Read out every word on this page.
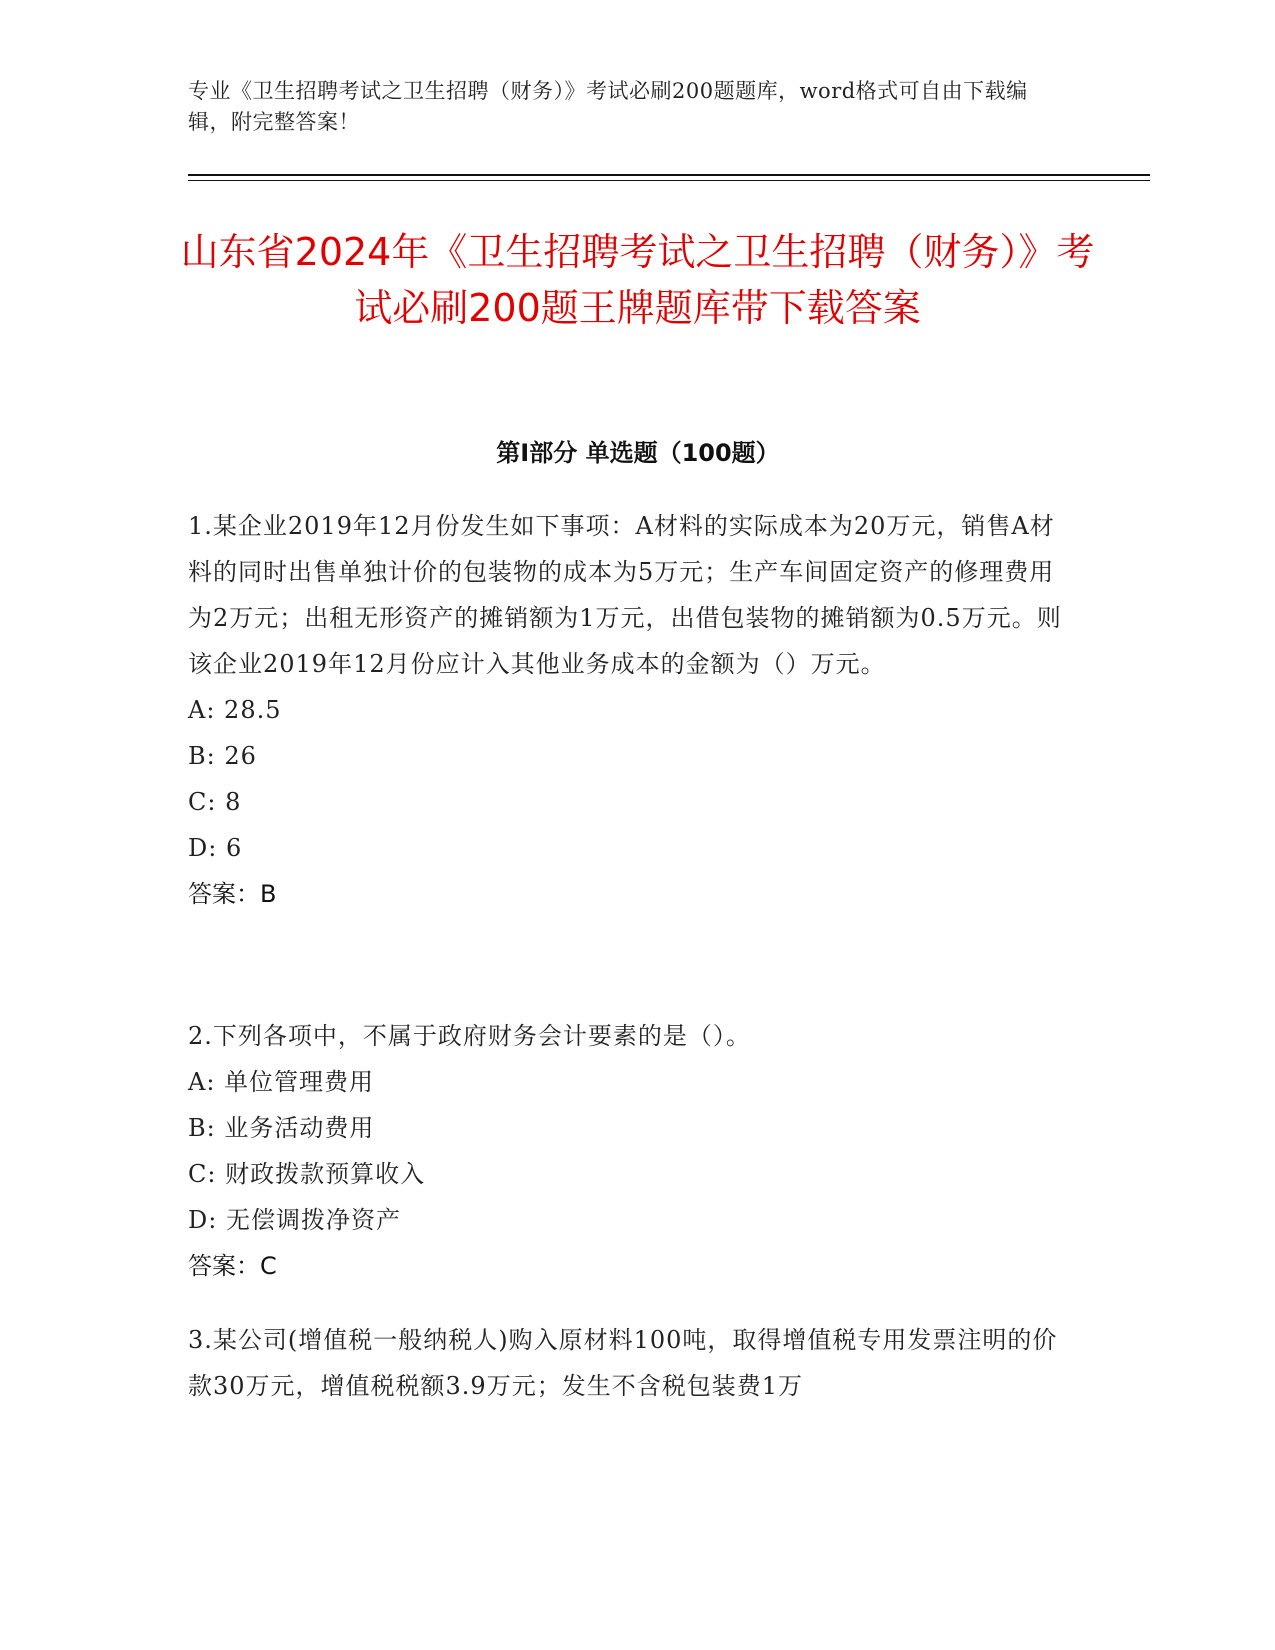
专业《卫生招聘考试之卫生招聘（财务）》考试必刷200题题库，word格式可自由下载编辑，附完整答案！
山东省2024年《卫生招聘考试之卫生招聘（财务）》考试必刷200题王牌题库带下载答案
第I部分 单选题（100题）

1.某企业2019年12月份发生如下事项：A材料的实际成本为20万元，销售A材料的同时出售单独计价的包装物的成本为5万元；生产车间固定资产的修理费用为2万元；出租无形资产的摊销额为1万元，出借包装物的摊销额为0.5万元。则该企业2019年12月份应计入其他业务成本的金额为（）万元。

A: 28.5

B: 26

C: 8

D: 6

答案：B

2.下列各项中，不属于政府财务会计要素的是（）。

A: 单位管理费用

B: 业务活动费用

C: 财政拨款预算收入

D: 无偿调拨净资产

答案：C

3.某公司(增值税一般纳税人)购入原材料100吨，取得增值税专用发票注明的价款30万元，增值税税额3.9万元；发生不含税包装费1万
